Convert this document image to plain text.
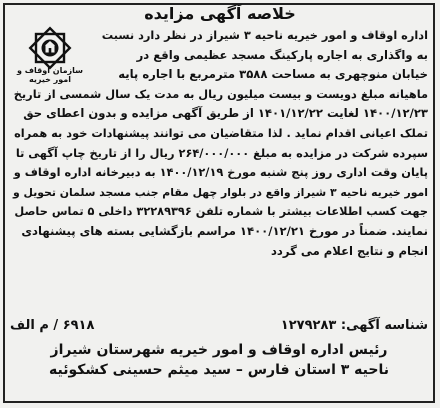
خلاصه آگهی مزایده
سازمان اوقاف و امور خیریه
اداره اوقاف و امور خیریه ناحیه ۳ شیراز در نظر دارد نسبت
به واگذاری به اجاره پارکینگ مسجد عظیمی واقع در
خیابان منوچهری به مساحت ۳۵۸۸ مترمربع با اجاره پایه
ماهیانه مبلغ دویست و بیست میلیون ریال به مدت یک سال شمسی از تاریخ
۱۴۰۰/۱۲/۲۳ لغایت ۱۴۰۱/۱۲/۲۲ از طریق آگهی مزایده و بدون اعطای حق
تملک اعیانی اقدام نماید . لذا متقاضیان می توانند پیشنهادات خود به همراه
سپرده شرکت در مزایده به مبلغ ۲۶۴/۰۰۰/۰۰۰ ریال را از تاریخ چاپ آگهی تا
پایان وقت اداری روز پنج شنبه مورخ ۱۴۰۰/۱۲/۱۹ به دبیرخانه اداره اوقاف و
امور خیریه ناحیه ۳ شیراز واقع در بلوار چهل مقام جنب مسجد سلمان تحویل و
جهت کسب اطلاعات بیشتر با شماره تلفن ۳۲۲۸۹۳۹۶ داخلی ۵ تماس حاصل
نمایند. ضمناً در مورخ ۱۴۰۰/۱۲/۲۱ مراسم بازگشایی بسته های پیشنهادی
انجام و نتایج اعلام می گردد
شناسه آگهی: ۱۲۷۹۲۸۳
۶۹۱۸ / م الف
رئیس اداره اوقاف و امور خیریه شهرستان شیراز
ناحیه ۳ استان فارس – سید میثم حسینی کشکوئیه
